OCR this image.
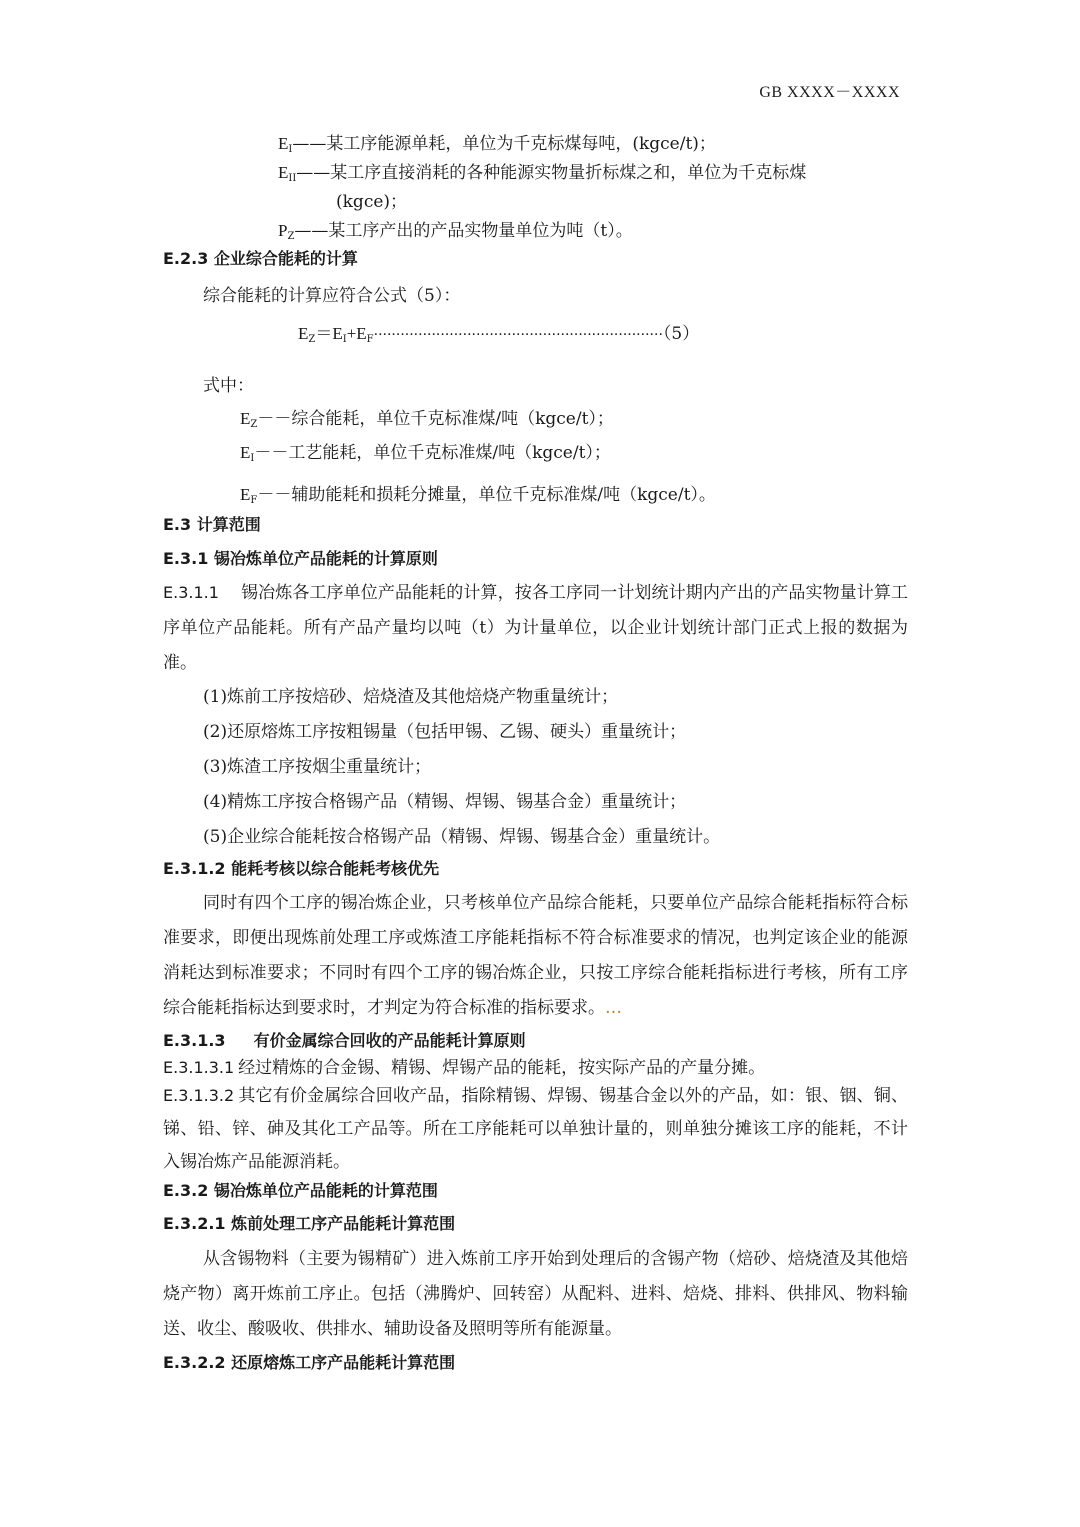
GB XXXX－XXXX
$E_I——$某工序能源单耗，单位为千克标煤每吨，(kgce/t)；
$E_{II}——$某工序直接消耗的各种能源实物量折标煤之和，单位为千克标煤
(kgce)；
$P_Z——$某工序产出的产品实物量单位为吨（t）。
E.2.3 企业综合能耗的计算
综合能耗的计算应符合公式（5）：
$E_Z=E_I+E_F\cdot\cdot\cdot\cdot\cdot\cdot\cdot\cdot\cdot\cdot\cdot\cdot\cdot\cdot\cdot\cdot\cdot\cdot\cdot\cdot\cdot\cdot\cdot\cdot\cdot\cdot\cdot\cdot\cdot\cdot\cdot\cdot\cdot\cdot\cdot\cdot\cdot\cdot\cdot\cdot\cdot\cdot\cdot\cdot\cdot\cdot\cdot\cdot\cdot\cdot\cdot\cdot\cdot\cdot\cdot\cdot\cdot\cdot\cdot\cdot\cdot\cdot\cdot\cdot\cdot(5)$
式中：
$E_Z--$综合能耗，单位千克标准煤/吨（kgce/t）；
$E_I--$工艺能耗，单位千克标准煤/吨（kgce/t）；
$E_F--$辅助能耗和损耗分摊量，单位千克标准煤/吨（kgce/t）。
E.3 计算范围
E.3.1 锡冶炼单位产品能耗的计算原则
E.3.1.1 锡冶炼各工序单位产品能耗的计算，按各工序同一计划统计期内产出的产品实物量计算工序单位产品能耗。所有产品产量均以吨（t）为计量单位，以企业计划统计部门正式上报的数据为准。
(1)炼前工序按焙砂、焙烧渣及其他焙烧产物重量统计；
(2)还原熔炼工序按粗锡量（包括甲锡、乙锡、硬头）重量统计；
(3)炼渣工序按烟尘重量统计；
(4)精炼工序按合格锡产品（精锡、焊锡、锡基合金）重量统计；
(5)企业综合能耗按合格锡产品（精锡、焊锡、锡基合金）重量统计。
E.3.1.2 能耗考核以综合能耗考核优先
同时有四个工序的锡冶炼企业，只考核单位产品综合能耗，只要单位产品综合能耗指标符合标准要求，即便出现炼前处理工序或炼渣工序能耗指标不符合标准要求的情况，也判定该企业的能源消耗达到标准要求；不同时有四个工序的锡冶炼企业，只按工序综合能耗指标进行考核，所有工序综合能耗指标达到要求时，才判定为符合标准的指标要求。…
E.3.1.3 有价金属综合回收的产品能耗计算原则
E.3.1.3.1 经过精炼的合金锡、精锡、焊锡产品的能耗，按实际产品的产量分摊。
E.3.1.3.2 其它有价金属综合回收产品，指除精锡、焊锡、锡基合金以外的产品，如：银、铟、铜、锑、铅、锌、砷及其化工产品等。所在工序能耗可以单独计量的，则单独分摊该工序的能耗，不计入锡冶炼产品能源消耗。
E.3.2 锡冶炼单位产品能耗的计算范围
E.3.2.1 炼前处理工序产品能耗计算范围
从含锡物料（主要为锡精矿）进入炼前工序开始到处理后的含锡产物（焙砂、焙烧渣及其他焙烧产物）离开炼前工序止。包括（沸腾炉、回转窑）从配料、进料、焙烧、排料、供排风、物料输送、收尘、酸吸收、供排水、辅助设备及照明等所有能源量。
E.3.2.2 还原熔炼工序产品能耗计算范围
